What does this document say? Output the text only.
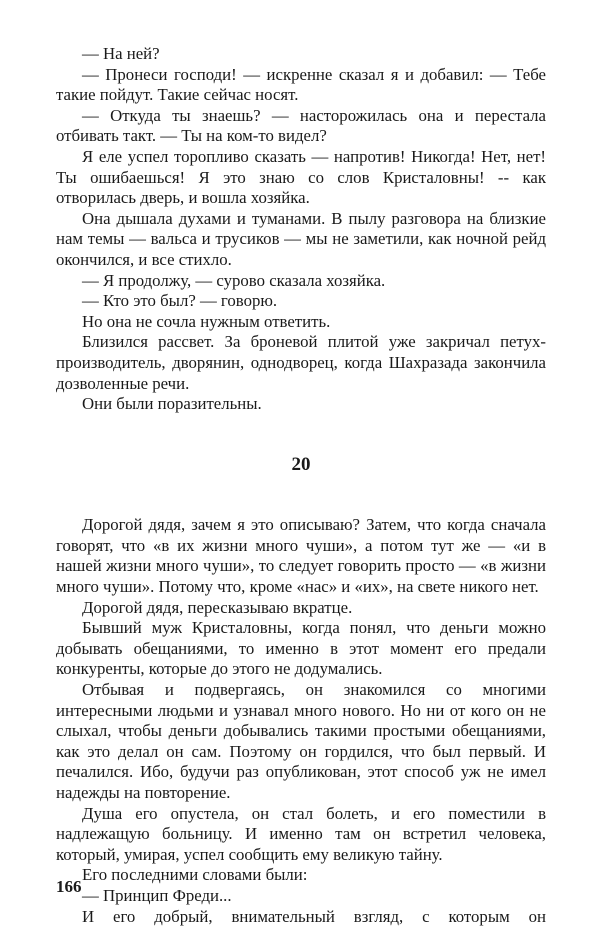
— На ней?

— Пронеси господи! — искренне сказал я и добавил: — Тебе такие пойдут. Такие сейчас носят.

— Откуда ты знаешь? — насторожилась она и перестала отбивать такт. — Ты на ком-то видел?

Я еле успел торопливо сказать — напротив! Никогда! Нет, нет! Ты ошибаешься! Я это знаю со слов Кристаловны! -- как отворилась дверь, и вошла хозяйка.

Она дышала духами и туманами. В пылу разговора на близкие нам темы — вальса и трусиков — мы не заметили, как ночной рейд окончился, и все стихло.

— Я продолжу, — сурово сказала хозяйка.

— Кто это был? — говорю.

Но она не сочла нужным ответить.

Близился рассвет. За броневой плитой уже закричал петух-производитель, дворянин, однодворец, когда Шахразада закончила дозволенные речи.

Они были поразительны.

20

Дорогой дядя, зачем я это описываю? Затем, что когда сначала говорят, что «в их жизни много чуши», а потом тут же — «и в нашей жизни много чуши», то следует говорить просто — «в жизни много чуши». Потому что, кроме «нас» и «их», на свете никого нет.

Дорогой дядя, пересказываю вкратце.

Бывший муж Кристаловны, когда понял, что деньги можно добывать обещаниями, то именно в этот момент его предали конкуренты, которые до этого не додумались.

Отбывая и подвергаясь, он знакомился со многими интересными людьми и узнавал много нового. Но ни от кого он не слыхал, чтобы деньги добывались такими простыми обещаниями, как это делал он сам. Поэтому он гордился, что был первый. И печалился. Ибо, будучи раз опубликован, этот способ уж не имел надежды на повторение.

Душа его опустела, он стал болеть, и его поместили в надлежащую больницу. И именно там он встретил человека, который, умирая, успел сообщить ему великую тайну.

Его последними словами были:

— Принцип Фреди...

И его добрый, внимательный взгляд, с которым он

166
